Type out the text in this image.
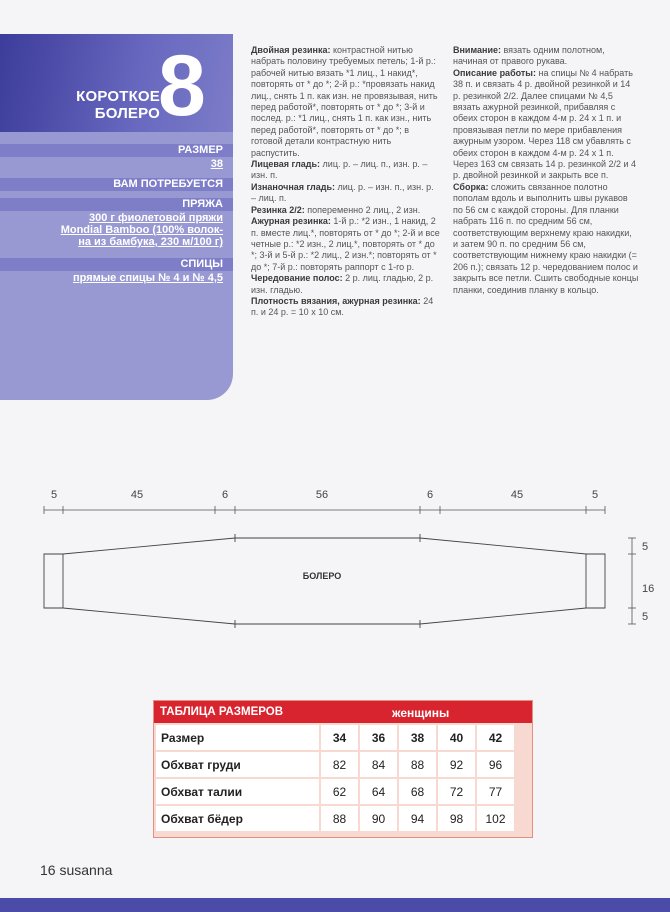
КОРОТКОЕ
БОЛЕРО
8
РАЗМЕР
38
ВАМ ПОТРЕБУЕТСЯ
ПРЯЖА
300 г фиолетовой пряжи
Mondial Bamboo (100% волок-
на из бамбука, 230 м/100 г)
СПИЦЫ
прямые спицы № 4 и № 4,5

Двойная резинка: контрастной нитью набрать половину требуемых петель; 1-й р.: рабочей нитью вязать *1 лиц., 1 накид*, повторять от * до *; 2-й р.: *провязать накид лиц., снять 1 п. как изн. не провязывая, нить перед работой*, повторять от * до *; 3-й и послед. р.: *1 лиц., снять 1 п. как изн., нить перед работой*, повторять от * до *; в готовой детали контрастную нить распустить.

Лицевая гладь: лиц. р. – лиц. п., изн. р. – изн. п.

Изнаночная гладь: лиц. р. – изн. п., изн. р. – лиц. п.

Резинка 2/2: попеременно 2 лиц., 2 изн.

Ажурная резинка: 1-й р.: *2 изн., 1 накид, 2 п. вместе лиц.*, повторять от * до *; 2-й и все четные р.: *2 изн., 2 лиц.*, повторять от * до *; 3-й и 5-й р.: *2 лиц., 2 изн.*; повторять от * до *; 7-й р.: повторять раппорт с 1-го р.

Чередование полос: 2 р. лиц. гладью, 2 р. изн. гладью.

Плотность вязания, ажурная резинка: 24 п. и 24 р. = 10 x 10 см.

Внимание: вязать одним полотном, начиная от правого рукава.

Описание работы: на спицы № 4 набрать 38 п. и связать 4 р. двойной резинкой и 14 р. резинкой 2/2. Далее спицами № 4,5 вязать ажурной резинкой, прибавляя с обеих сторон в каждом 4-м р. 24 x 1 п. и провязывая петли по мере прибавления ажурным узором. Через 118 см убавлять с обеих сторон в каждом 4-м р. 24 x 1 п. Через 163 см связать 14 р. резинкой 2/2 и 4 р. двойной резинкой и закрыть все п.

Сборка: сложить связанное полотно пополам вдоль и выполнить швы рукавов по 56 см с каждой стороны. Для планки набрать 116 п. по средним 56 см, соответствующим верхнему краю накидки, и затем 90 п. по средним 56 см, соответствующим нижнему краю накидки (= 206 п.); связать 12 р. чередованием полос и закрыть все петли. Сшить свободные концы планки, соединив планку в кольцо.

5	45	6	56	6	45	5
БОЛЕРО
5
16
5
ТАБЛИЦА РАЗМЕРОВ	женщины
Размер	34	36	38	40	42
Обхват груди	82	84	88	92	96
Обхват талии	62	64	68	72	77
Обхват бёдер	88	90	94	98	102
16 susanna
